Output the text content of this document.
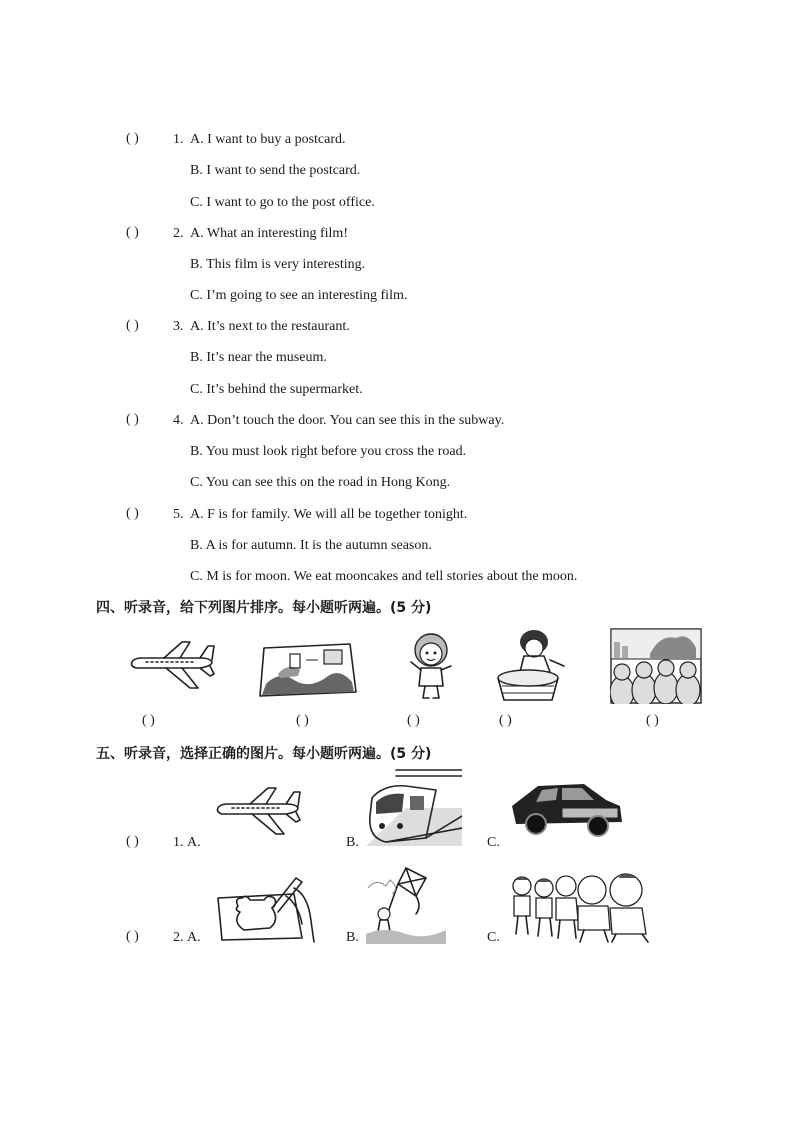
( ) 1. A. I want to buy a postcard.
B. I want to send the postcard.
C. I want to go to the post office.
( ) 2. A. What an interesting film!
B. This film is very interesting.
C. I’m going to see an interesting film.
( ) 3. A. It’s next to the restaurant.
B. It’s near the museum.
C. It’s behind the supermarket.
( ) 4. A. Don’t touch the door. You can see this in the subway.
B. You must look right before you cross the road.
C. You can see this on the road in Hong Kong.
( ) 5. A. F is for family. We will all be together tonight.
B. A is for autumn. It is the autumn season.
C. M is for moon. We eat mooncakes and tell stories about the moon.
四、听录音，给下列图片排序。每小题听两遍。(5 分)
( )	( )	( )	( )	( )
五、听录音，选择正确的图片。每小题听两遍。(5 分)
( ) 1. A.	B.	C.
( ) 2. A.	B.	C.
